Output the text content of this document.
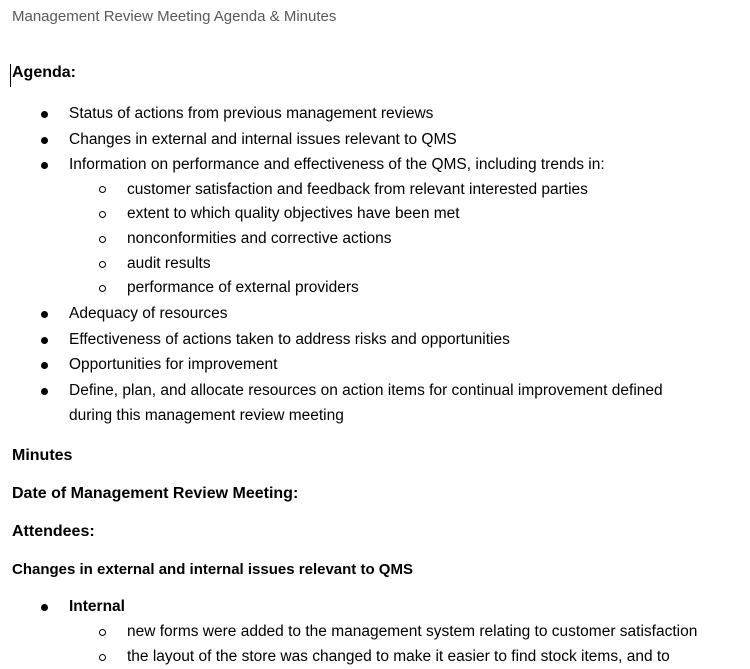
Management Review Meeting Agenda & Minutes
Agenda:
Status of actions from previous management reviews
Changes in external and internal issues relevant to QMS
Information on performance and effectiveness of the QMS, including trends in:
customer satisfaction and feedback from relevant interested parties
extent to which quality objectives have been met
nonconformities and corrective actions
audit results
performance of external providers
Adequacy of resources
Effectiveness of actions taken to address risks and opportunities
Opportunities for improvement
Define, plan, and allocate resources on action items for continual improvement defined
during this management review meeting
Minutes
Date of Management Review Meeting:
Attendees:
Changes in external and internal issues relevant to QMS
Internal
new forms were added to the management system relating to customer satisfaction
the layout of the store was changed to make it easier to find stock items, and to
